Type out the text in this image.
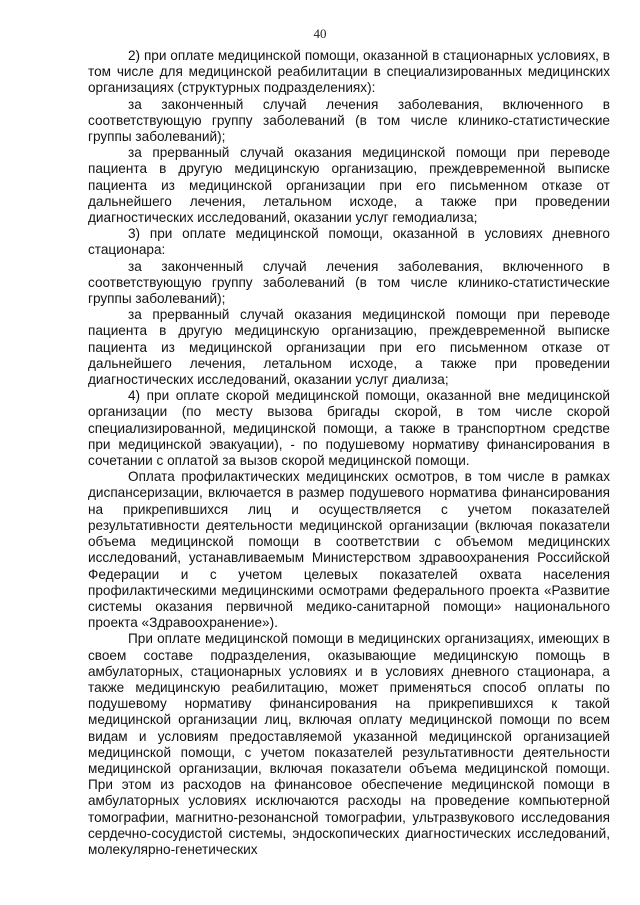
40

2) при оплате медицинской помощи, оказанной в стационарных условиях, в том числе для медицинской реабилитации в специализированных медицинских организациях (структурных подразделениях):

за законченный случай лечения заболевания, включенного в соответствующую группу заболеваний (в том числе клинико-статистические группы заболеваний);

за прерванный случай оказания медицинской помощи при переводе пациента в другую медицинскую организацию, преждевременной выписке пациента из медицинской организации при его письменном отказе от дальнейшего лечения, летальном исходе, а также при проведении диагностических исследований, оказании услуг гемодиализа;

3) при оплате медицинской помощи, оказанной в условиях дневного стационара:

за законченный случай лечения заболевания, включенного в соответствующую группу заболеваний (в том числе клинико-статистические группы заболеваний);

за прерванный случай оказания медицинской помощи при переводе пациента в другую медицинскую организацию, преждевременной выписке пациента из медицинской организации при его письменном отказе от дальнейшего лечения, летальном исходе, а также при проведении диагностических исследований, оказании услуг диализа;

4) при оплате скорой медицинской помощи, оказанной вне медицинской организации (по месту вызова бригады скорой, в том числе скорой специализированной, медицинской помощи, а также в транспортном средстве при медицинской эвакуации), - по подушевому нормативу финансирования в сочетании с оплатой за вызов скорой медицинской помощи.

Оплата профилактических медицинских осмотров, в том числе в рамках диспансеризации, включается в размер подушевого норматива финансирования на прикрепившихся лиц и осуществляется с учетом показателей результативности деятельности медицинской организации (включая показатели объема медицинской помощи в соответствии с объемом медицинских исследований, устанавливаемым Министерством здравоохранения Российской Федерации и с учетом целевых показателей охвата населения профилактическими медицинскими осмотрами федерального проекта «Развитие системы оказания первичной медико-санитарной помощи» национального проекта «Здравоохранение»).

При оплате медицинской помощи в медицинских организациях, имеющих в своем составе подразделения, оказывающие медицинскую помощь в амбулаторных, стационарных условиях и в условиях дневного стационара, а также медицинскую реабилитацию, может применяться способ оплаты по подушевому нормативу финансирования на прикрепившихся к такой медицинской организации лиц, включая оплату медицинской помощи по всем видам и условиям предоставляемой указанной медицинской организацией медицинской помощи, с учетом показателей результативности деятельности медицинской организации, включая показатели объема медицинской помощи. При этом из расходов на финансовое обеспечение медицинской помощи в амбулаторных условиях исключаются расходы на проведение компьютерной томографии, магнитно-резонансной томографии, ультразвукового исследования сердечно-сосудистой системы, эндоскопических диагностических исследований, молекулярно-генетических
